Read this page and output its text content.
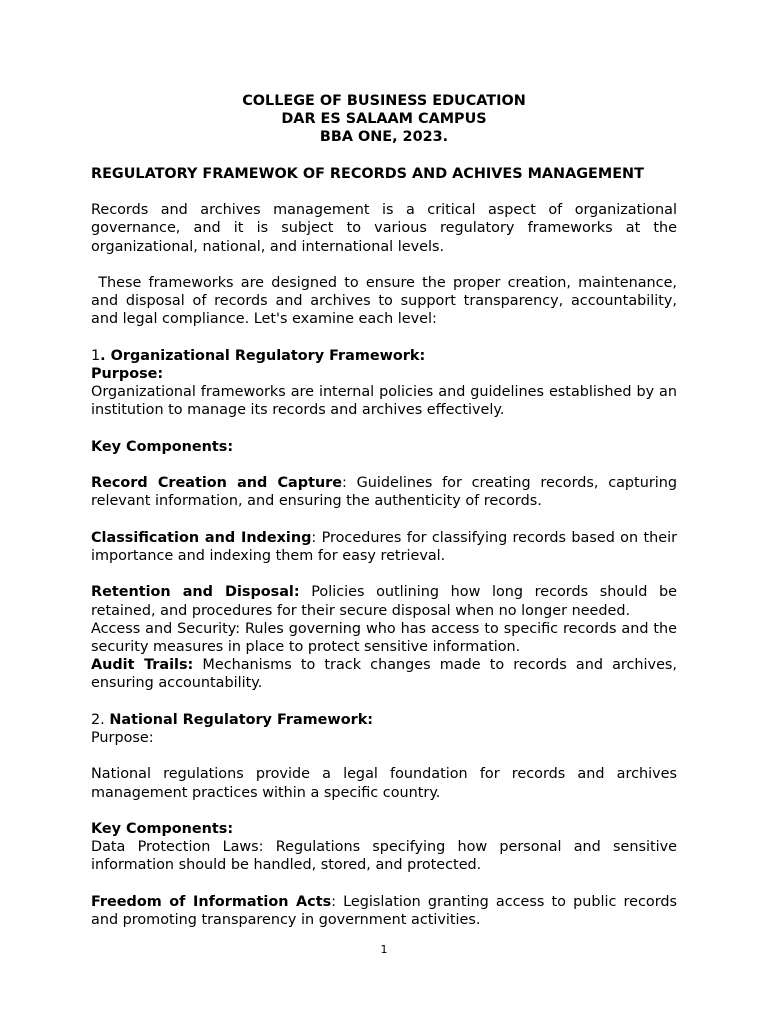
COLLEGE OF BUSINESS EDUCATION

DAR ES SALAAM CAMPUS

BBA ONE, 2023.

REGULATORY FRAMEWOK OF RECORDS AND ACHIVES MANAGEMENT

Records and archives management is a critical aspect of organizational governance, and it is subject to various regulatory frameworks at the organizational, national, and international levels.

These frameworks are designed to ensure the proper creation, maintenance, and disposal of records and archives to support transparency, accountability, and legal compliance. Let's examine each level:

1. Organizational Regulatory Framework:

Purpose:

Organizational frameworks are internal policies and guidelines established by an institution to manage its records and archives effectively.

Key Components:

Record Creation and Capture: Guidelines for creating records, capturing relevant information, and ensuring the authenticity of records.

Classification and Indexing: Procedures for classifying records based on their importance and indexing them for easy retrieval.

Retention and Disposal: Policies outlining how long records should be retained, and procedures for their secure disposal when no longer needed.

Access and Security: Rules governing who has access to specific records and the security measures in place to protect sensitive information.

Audit Trails: Mechanisms to track changes made to records and archives, ensuring accountability.

2. National Regulatory Framework:

Purpose:

National regulations provide a legal foundation for records and archives management practices within a specific country.

Key Components:

Data Protection Laws: Regulations specifying how personal and sensitive information should be handled, stored, and protected.

Freedom of Information Acts: Legislation granting access to public records and promoting transparency in government activities.

1
